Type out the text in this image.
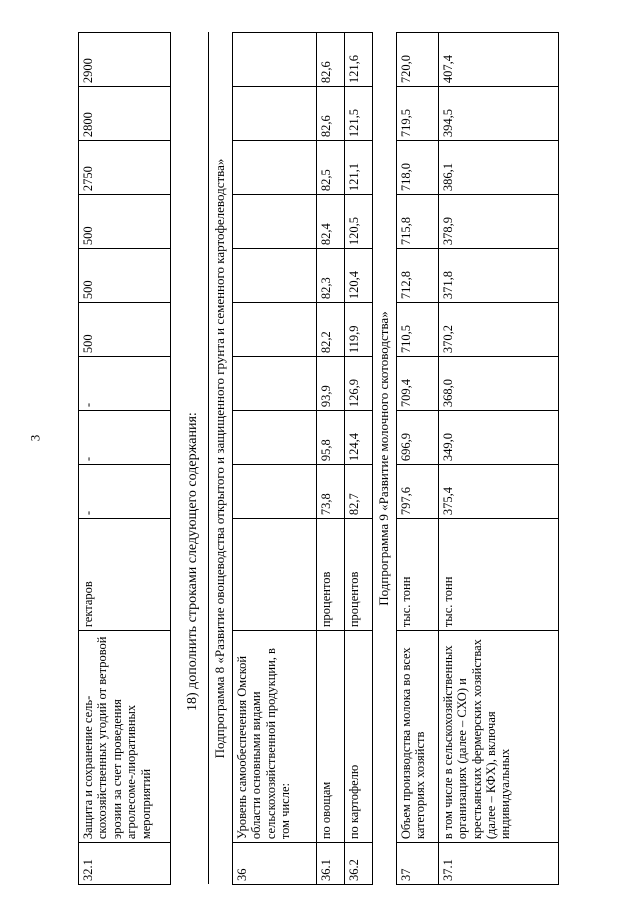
3
32.1	Защита и сохранение сель-скохозяйственных угодий от ветровой эрозии за счет проведения агролесоме-лиоративных мероприятий	гектаров	-	-	-	500	500	500	2750	2800	2900
18) дополнить строками следующего содержания: Подпрограмма 8 «Развитие овощеводства открытого и защищенного грунта и семенного картофелеводства»											
36	Уровень самообеспечения Омской области основными видами сельскохозяйственной продукции, в том числе:										
36.1	по овощам	процентов	73,8	95,8	93,9	82,2	82,3	82,4	82,5	82,6	82,6
36.2	по картофелю	процентов	82,7	124,4	126,9	119,9	120,4	120,5	121,1	121,5	121,6
Подпрограмма 9 «Развитие молочного скотоводства»											
37	Объем производства молока во всех категориях хозяйств	тыс. тонн	797,6	696,9	709,4	710,5	712,8	715,8	718,0	719,5	720,0
37.1	в том числе в сельскохозяйственных организациях (далее – СХО) и крестьянских фермерских хозяйствах (далее – КФХ), включая индивидуальных	тыс. тонн	375,4	349,0	368,0	370,2	371,8	378,9	386,1	394,5	407,4
